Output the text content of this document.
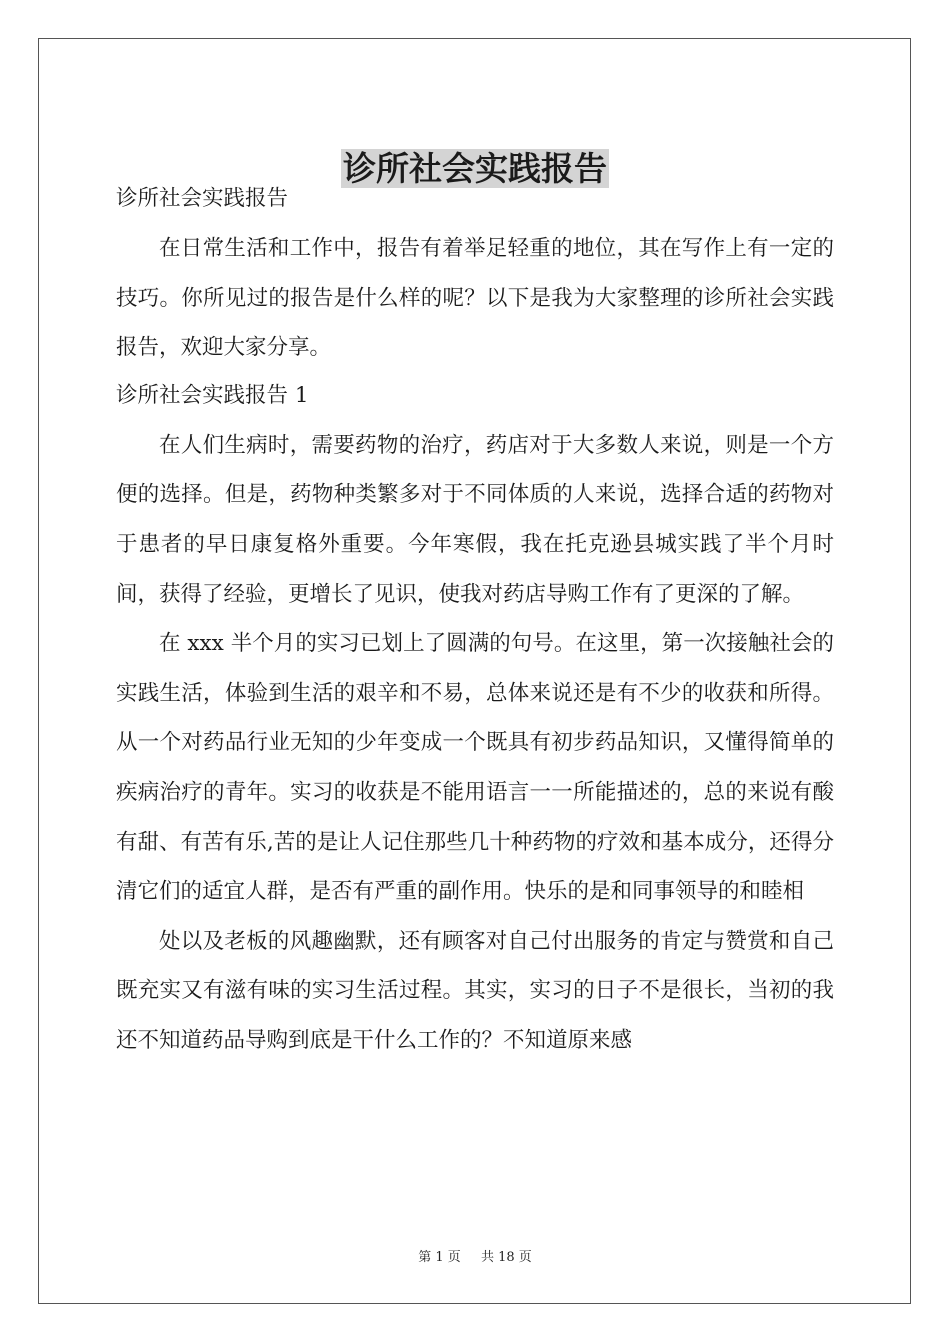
诊所社会实践报告

诊所社会实践报告

在日常生活和工作中，报告有着举足轻重的地位，其在写作上有一定的技巧。你所见过的报告是什么样的呢？以下是我为大家整理的诊所社会实践报告，欢迎大家分享。

诊所社会实践报告 1

在人们生病时，需要药物的治疗，药店对于大多数人来说，则是一个方便的选择。但是，药物种类繁多对于不同体质的人来说，选择合适的药物对于患者的早日康复格外重要。今年寒假，我在托克逊县城实践了半个月时间，获得了经验，更增长了见识，使我对药店导购工作有了更深的了解。

在 xxx 半个月的实习已划上了圆满的句号。在这里，第一次接触社会的实践生活，体验到生活的艰辛和不易，总体来说还是有不少的收获和所得。从一个对药品行业无知的少年变成一个既具有初步药品知识，又懂得简单的疾病治疗的青年。实习的收获是不能用语言一一所能描述的，总的来说有酸有甜、有苦有乐,苦的是让人记住那些几十种药物的疗效和基本成分，还得分清它们的适宜人群，是否有严重的副作用。快乐的是和同事领导的和睦相

处以及老板的风趣幽默，还有顾客对自己付出服务的肯定与赞赏和自己既充实又有滋有味的实习生活过程。其实，实习的日子不是很长，当初的我还不知道药品导购到底是干什么工作的？不知道原来感

第 1 页 共 18 页
